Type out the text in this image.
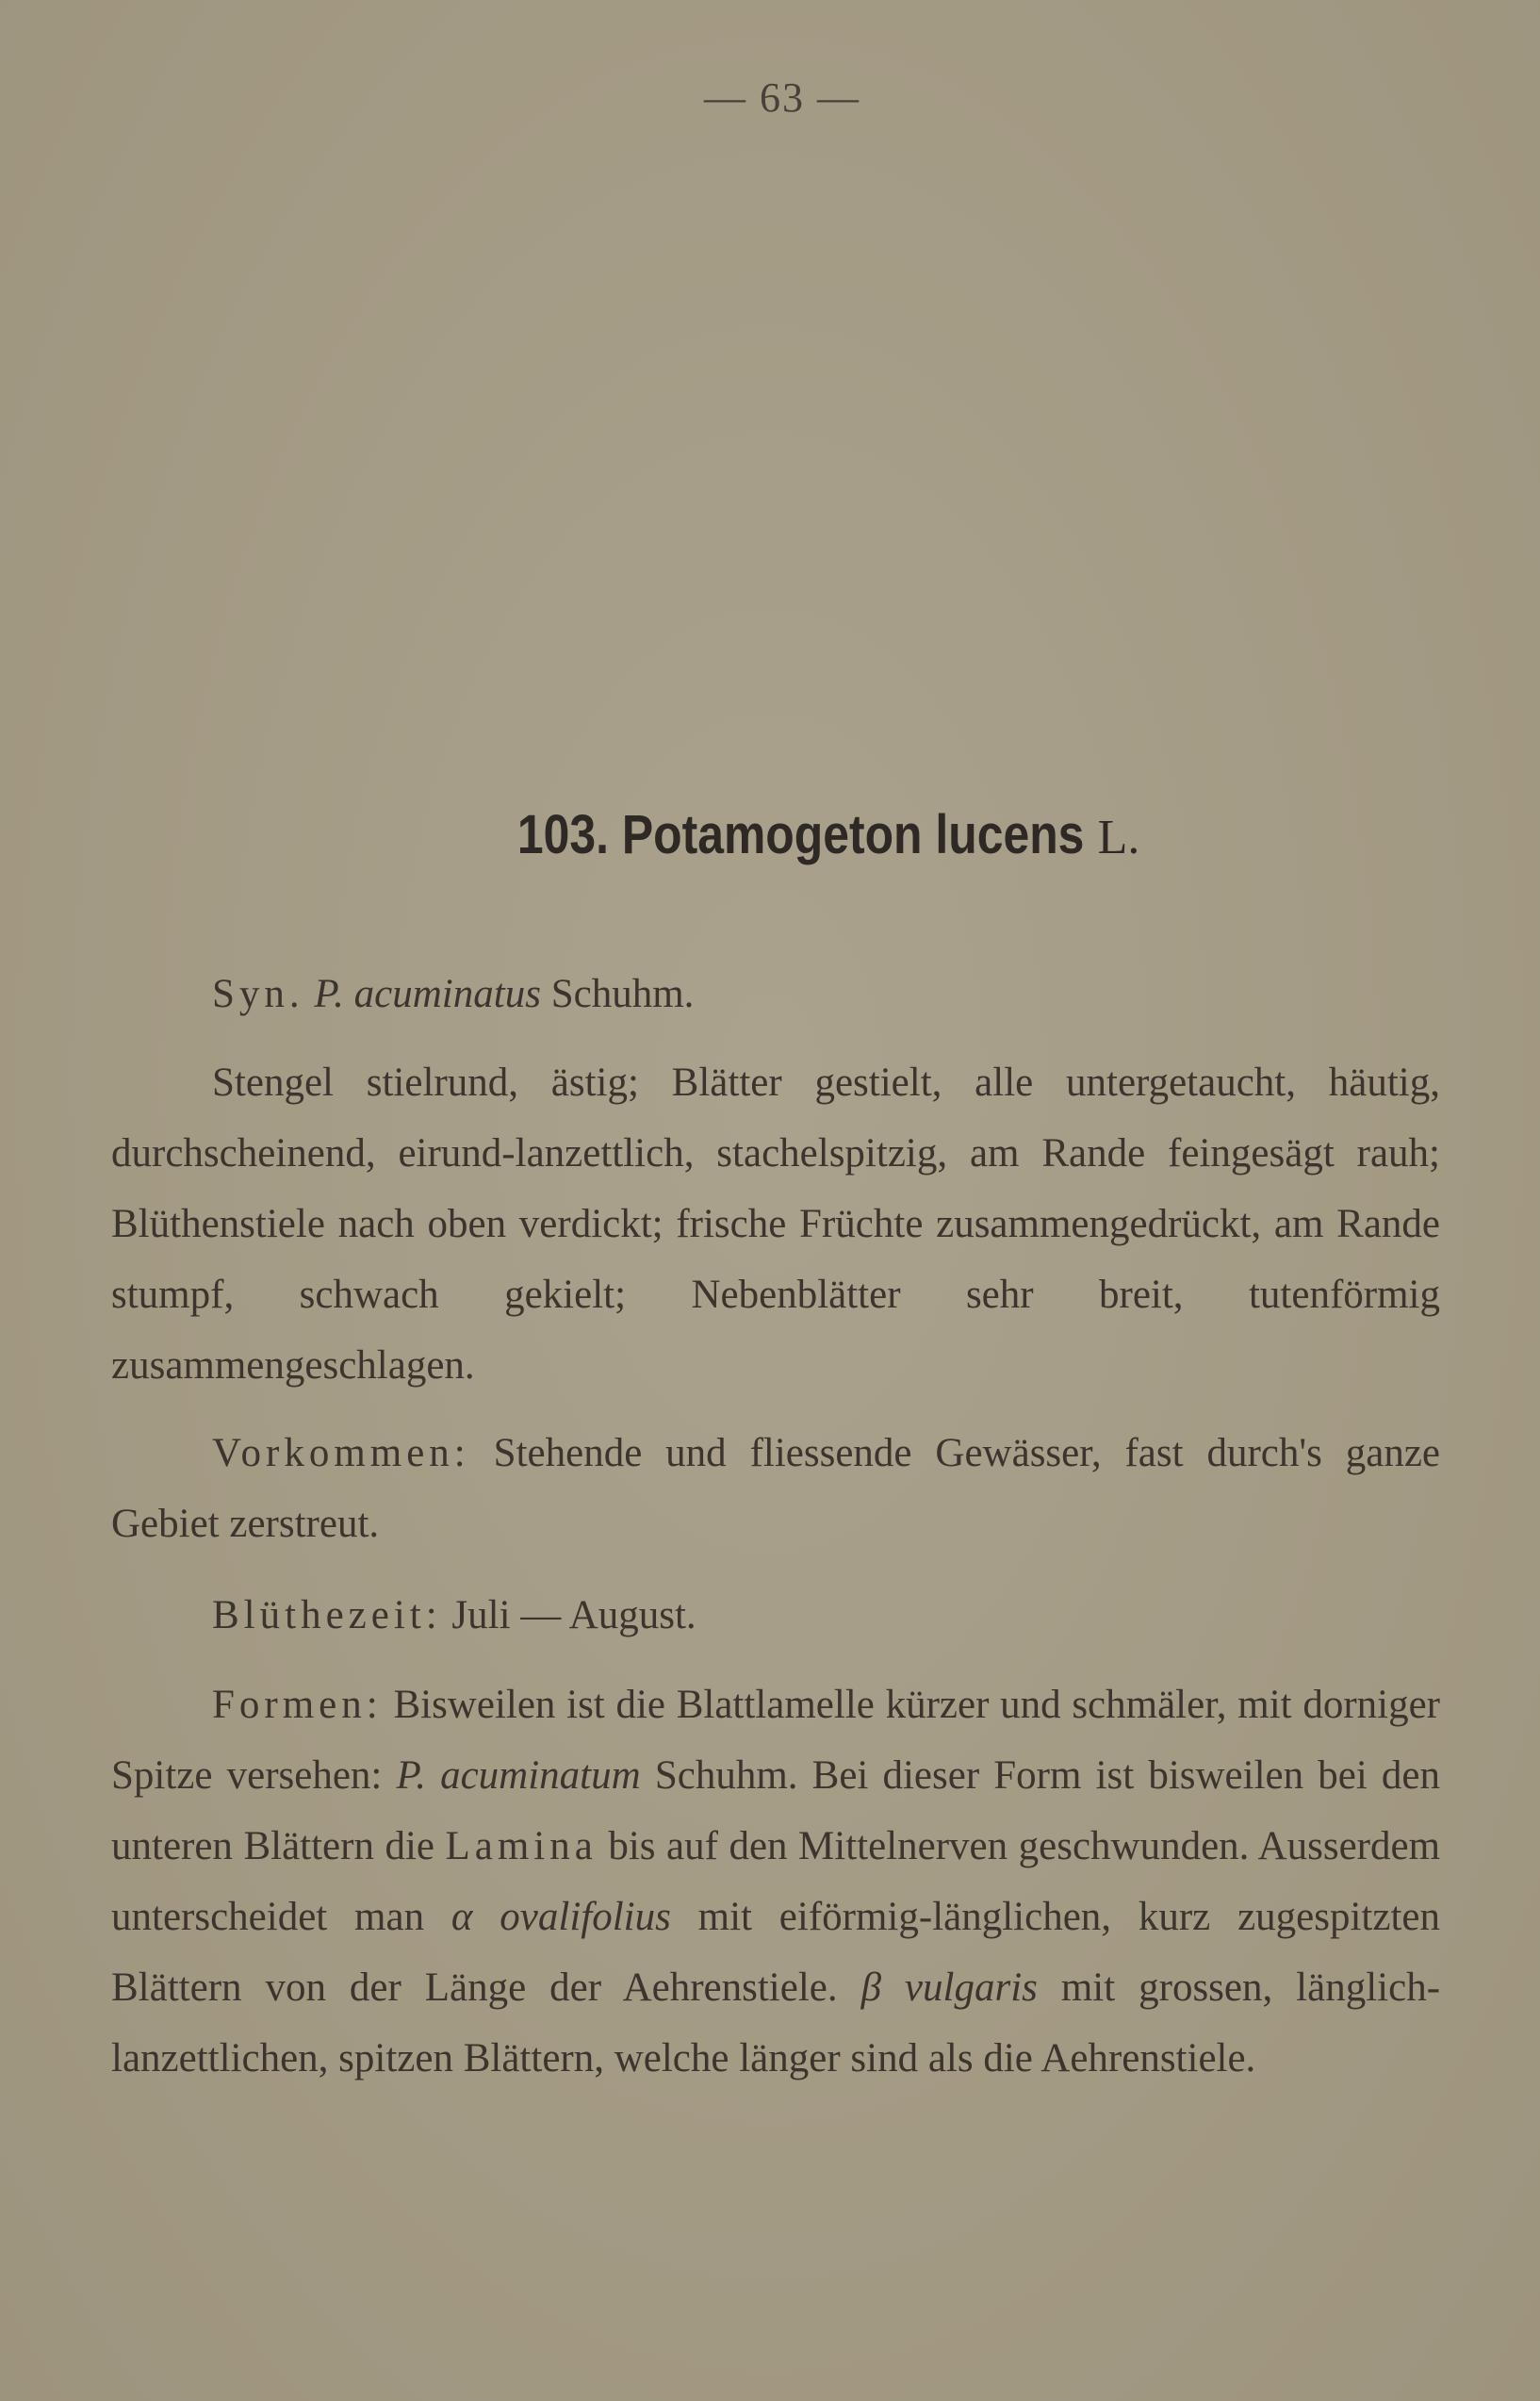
— 63 —
103. Potamogeton lucens L.

Syn. P. acuminatus Schuhm.

Stengel stielrund, ästig; Blätter gestielt, alle untergetaucht, häutig, durchscheinend, eirund-lanzettlich, stachelspitzig, am Rande feingesägt rauh; Blüthenstiele nach oben verdickt; frische Früchte zusammengedrückt, am Rande stumpf, schwach gekielt; Nebenblätter sehr breit, tutenförmig zusammengeschlagen.

Vorkommen: Stehende und fliessende Gewässer, fast durch's ganze Gebiet zerstreut.

Blüthezeit: Juli — August.

Formen: Bisweilen ist die Blattlamelle kürzer und schmäler, mit dorniger Spitze versehen: P. acuminatum Schuhm. Bei dieser Form ist bisweilen bei den unteren Blättern die Lamina bis auf den Mittelnerven geschwunden. Ausserdem unterscheidet man α ovalifolius mit eiförmig-länglichen, kurz zugespitzten Blättern von der Länge der Aehrenstiele. β vulgaris mit grossen, länglich-lanzettlichen, spitzen Blättern, welche länger sind als die Aehrenstiele.
